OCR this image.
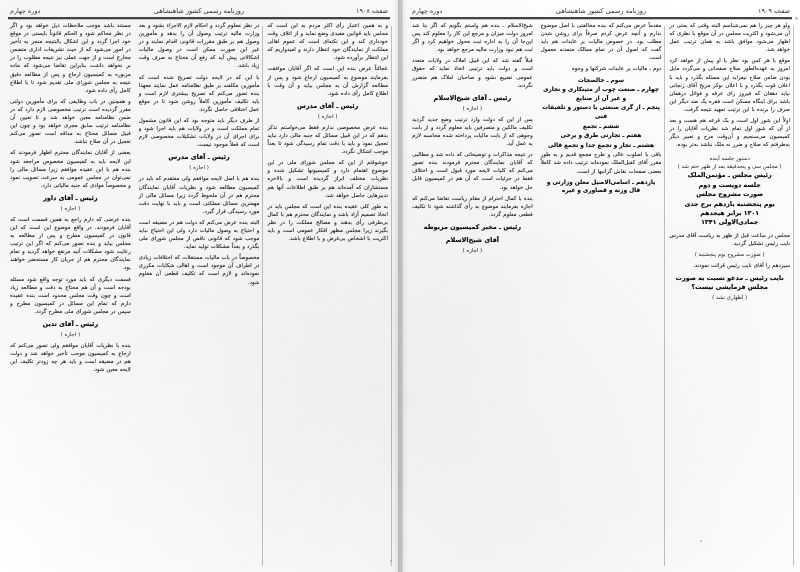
صفحه ۱۹۰۹
روزنامه رسمی کشور شاهنشاهی
دوره چهارم

ولو هر چیز را هم نمی‌شناسم البته وقتی که بحثی در آن می‌شود و اکثریت مجلس در آن موقع با نظری که اظهار می‌شود موافق باشد به همان ترتیب عمل خواهد شد.

موقع با هر کس بود نظر یا او پیش از خواهد کرد امروز به عهده‌الطور صلاح صفحاتی و می‌گردد مایل بودن ضامن صلاح نیفزاید این مسئله بگذرد و باید با اعلان قوت بگذرد و با اعلان نوکر مریخ آقای زنجانی نیاید دهقان که فیروز رای عرفه و فوائل درهمان باشد برای اینگاه مسکن است فقره یک ضد دیگر این صرف را برنده با این ترتیب تمهید نتیجه گرفت.

اولاً این شور اول است و یک قرعه هم هست و بعد از آن که شور اول تمام شد نظریات آقایان را در کمیسیون می‌سنجیم و آن‌وقت مرح و تعبیر دیگر به‌طرفتم که صلاح و ضرر نه ملک نباشد به‌تر بوده.

دستور جلسه آینده
( مجلس سی و پنجدقیقه بعد از ظهر ختم شد )
رئیس مجلس ـ مؤتمن‌الملک
جلسه دویست و دوم
صورت مشروح مجلس
یوم پنجشنبه یازدهم برج جدی
۱۳۰۱ برابر هیجدهم
جمادی‌الاولی ۱۳۴۱

مجلس در ساعت قبل از ظهر به ریاست آقای مدرس نایب رئیس تشکیل گردید.

( صورت مشروح یوم پنجشنبه )

سیزدهم را آقای نایب رئیس قرائت نمودند.

نایب رئیس ـ مدعو نسبت به صورت مجلس فرمایشی نیست؟

( اظهاری نشد )

مقدماً عرض می‌کنم که بنده مخالفتی با اصل موضوع ندارم و آنچه عرض کردم صرفاً برای روشن شدن مطلب بود. در خصوص مالیات بر عایدات هم باید گفت که اصول آن در تمام ممالک متمدنه معمول است.

دوم ـ مالیات بر عایدات شرکتها و وجوه

سوم ـ خالصجات

چهارم ـ صنعت چوب از متینکاری و نجاری و غیر آن از صنایع

پنجم ـ از گری صنعتی یا دستور و تلفیقات فنی

ششم ـ تجمع

هفتم ـ تجارتی طرق و برخی

هشتم ـ تجار و تجمع جدا و تجمع قالی

باقی با اصلوب عالی و طرح مجمع قدیم و به طور مقرر آقای کفیل‌الملک نموده‌اند ترتیب داده شد کاملاً بعضی صفحات نقاش گرانبها از است.

یازدهم ـ اسامی‌الاصیل معلن وزارتی و قال وزنه و قضاوری و غیره

شیخ‌الاسلام ـ بنده هم واستم بگویم که اگر بنا شد امروز دولت میزان و مرجع این کار را معلوم کند پس این‌جا آن را به اداره ثبت محول خواهیم کرد و اگر ثبت هم نبود وزارت مالیه مرجع خواهد بود.

قبلاً گفته شد که این قبیل املاک در ولایات متعدد است و دولت باید ترتیبی اتخاذ نماید که حقوق عمومی تضییع نشود و صاحبان املاک هم متضرر نگردند.

رئیس ـ آقای شیخ‌الاسلام

( اجازه )

پس از این که دولت وارد ترتیب وضع جدید گردید تکلیف مالکین و متصرفین باید معلوم گردد و از بابت وجوهی که از بابت مالیات پرداخته شده محاسبه لازم به عمل آید.

در نتیجه مذاکرات و توضیحاتی که داده شد و مطالبی که آقایان نمایندگان محترم فرمودند بنده تصور می‌کنم که کلیات لایحه مورد قبول است و اختلاف فقط در جزئیات است که آن هم در کمیسیون قابل حل خواهد بود.

بنده با کمال احترام از مقام ریاست تقاضا می‌کنم که اجازه بفرمایند موضوع به رأی گذاشته شود تا تکلیف قطعی معلوم گردد.

رئیس ـ مخبر کمیسیون مربوطه

آقای شیخ‌الاسلام

( اجازه )

صفحه ۱۹۰۸
روزنامه رسمی کشور شاهنشاهی
دوره چهارم

و به همین اعتبار رأی اکثر مردم به این است که مجلس باید قوانین مفیدی وضع نماید و از اتلاف وقت خودداری کند و این نکته‌ای است که عموم اهالی مملکت از نمایندگان خود انتظار دارند و امیدواریم که این انتظار برآورده شود.

عجالتاً عرض بنده این است که اگر آقایان موافقت بفرمایند موضوع به کمیسیون ارجاع شود و پس از مطالعه گزارش آن به مجلس بیاید و آن وقت با اطلاع کامل رأی داده شود.

رئیس ـ آقای مدرس

( اجازه )

بنده عرض مخصوصی ندارم فقط می‌خواستم تذکر بدهم که در این قبیل مسائل که جنبه مالی دارد نباید تعجیل نمود و باید با دقت تمام رسیدگی شود تا بعداً موجب اشکال نگردد.

خوشوقتم از این که مجلس شورای ملی در این موضوع اهتمام دارد و کمیسیونها تشکیل شده و نظریات مختلف ابراز گردیده است و بالاخره مستشاران که آمده‌اند هم بر طبق اطلاعات آنها هم تدبیرهایی حاصل خواهد شد.

به طور کلی عقیده بنده این است که مجلس باید در اتخاذ تصمیم آزاد باشد و نمایندگان محترم هم با کمال بی‌طرفی رأی بدهند و مصالح مملکت را در نظر بگیرند زیرا مجلس مظهر افکار عمومی است و باید اکثریت با اشخاص بی‌غرض و با اطلاع باشد.

در نظر معلوم گردد و احکام لازم الاجراء بشود و بعد وزارت مالیه ترتیب وصول آن را بدهد و مأمورین وصول هم بر طبق مقررات قانونی اقدام نمایند و در غیر این صورت ممکن است در وصول مالیات اشکالاتی پیش آید که رفع آن محتاج به صرف وقت زیاد باشد.

با این که در لایحه دولت تصریح شده است که مأمورین مکلفند بر طبق نظامنامه عمل نمایند معهذا بنده تصور می‌کنم که تصریح بیشتری لازم است و باید تکلیف مأمورین کاملاً روشن شود تا در موقع عمل اختلافی حاصل نگردد.

از طرف دیگر باید متوجه بود که این قانون مشمول تمام مملکت است و در ولایات هم باید اجرا شود و برای اجرای آن در ولایات تشکیلات مخصوصی لازم است که فعلاً موجود نیست.

رئیس ـ آقای مدرس

( اجازه )

بنده هم با اصل لایحه موافقم ولی معتقدم که باید در کمیسیون مطالعه شود و نظریات آقایان نمایندگان محترم هم در آن ملحوظ گردد زیرا مسائل مالی از مهمترین مسائل مملکتی است و باید با نهایت دقت مورد رسیدگی قرار گیرد.

البته بنده عرض می‌کنم که دولت هم در مضیقه است و احتیاج به وصول مالیات دارد ولی این احتیاج نباید موجب شود که قانونی ناقص از مجلس شورای ملی بگذرد و بعداً مشکلات تولید نماید.

مخصوصاً در باب مالیات مستغلات که اختلافات زیادی در اطراف آن موجود است و اهالی شکایات مکرری نموده‌اند و لازم است که تکلیف قطعی آن معلوم شود.

مستند باشد موجب ملاحظات ذیل خواهد بود و اگر در نظر محاکم شود و الحکم قانوناً بایستی در موقع خود اجرا گردد و این اشکال بالنتیجه منجر به تأخیر در امور می‌شود که از حیث تشریفات اداری متضمن مخارج است و از جهت عملی نیز نتیجه مطلوب را در بر نخواهد داشت بنابراین تقاضا می‌شود که ماده مزبوره به کمیسیون ارجاع و پس از مطالعه دقیق نتیجه به مجلس شورای ملی تقدیم شود تا با اطلاع کامل رأی داده شود.

و همچنین در باب وظایفی که برای مأمورین دولتی مقرر گردیده است ترتیب مخصوصی لازم دارد که در ضمن نظامنامه معین خواهد شد و تا تعیین آن نظامنامه ترتیب سابق مجری خواهد بود و چون این قبیل مسائل محتاج به مداقه است تصور می‌کنم تعجیل در آن صلاح نباشد.

بعضی از آقایان نمایندگان محترم اظهار فرمودند که این لایحه باید به کمیسیون مخصوص مراجعه شود بنده هم با این عقیده موافقم زیرا مسائل مالی را نمی‌توان در مجلس عمومی به سرعت تصویب نمود و مخصوصاً موادی که جنبه مالیاتی دارد.

رئیس ـ آقای داور

( اجازه )

بنده عرضی که دارم راجع به همین قسمت است که آقایان فرمودند. در واقع موضوع این است که این قانون در کمیسیون مطرح و پس از مطالعه به مجلس بیاید و بنده تصور می‌کنم که اگر این ترتیب رعایت شود مشکلات آتیه مرتفع خواهد گردید و تمام نمایندگان محترم هم از جریان کار مستحضر خواهند بود.

قسمت دیگری که باید مورد توجه واقع شود مسئله بودجه است و آن هم محتاج به دقت و مطالعه زیاد است و چون وقت مجلس محدود است بنده عقیده دارم که تمام این مسائل در کمیسیون مطرح و سپس در مجلس شورای ملی مطرح گردد.

رئیس ـ آقای تدین

( اجازه )

بنده با نظریات آقایان موافقم ولی تصور می‌کنم که ارجاع به کمیسیون موجب تأخیر خواهد شد و دولت هم در مضیقه است و باید هر چه زودتر تکلیف این لایحه معین شود.
